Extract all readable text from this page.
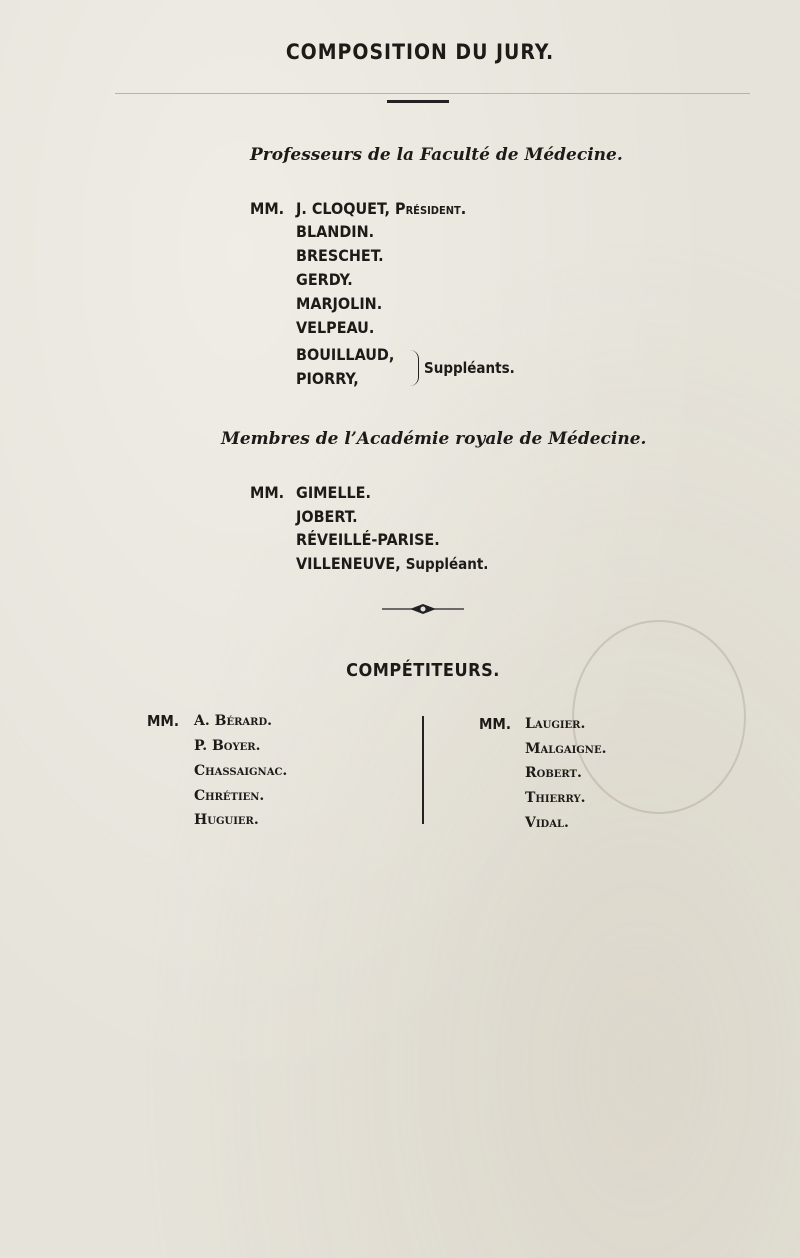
COMPOSITION DU JURY.
Professeurs de la Faculté de Médecine.
MM. J. CLOQUET, Président.
BLANDIN.
BRESCHET.
GERDY.
MARJOLIN.
VELPEAU.
BOUILLAUD,
PIORRY,
Suppléants.
Membres de l’Académie royale de Médecine.
MM. GIMELLE.
JOBERT.
RÉVEILLÉ-PARISE.
VILLENEUVE, Suppléant.
COMPÉTITEURS.
MM. A. Bérard.
P. Boyer.
Chassaignac.
Chrétien.
Huguier.
MM. Laugier.
Malgaigne.
Robert.
Thierry.
Vidal.
